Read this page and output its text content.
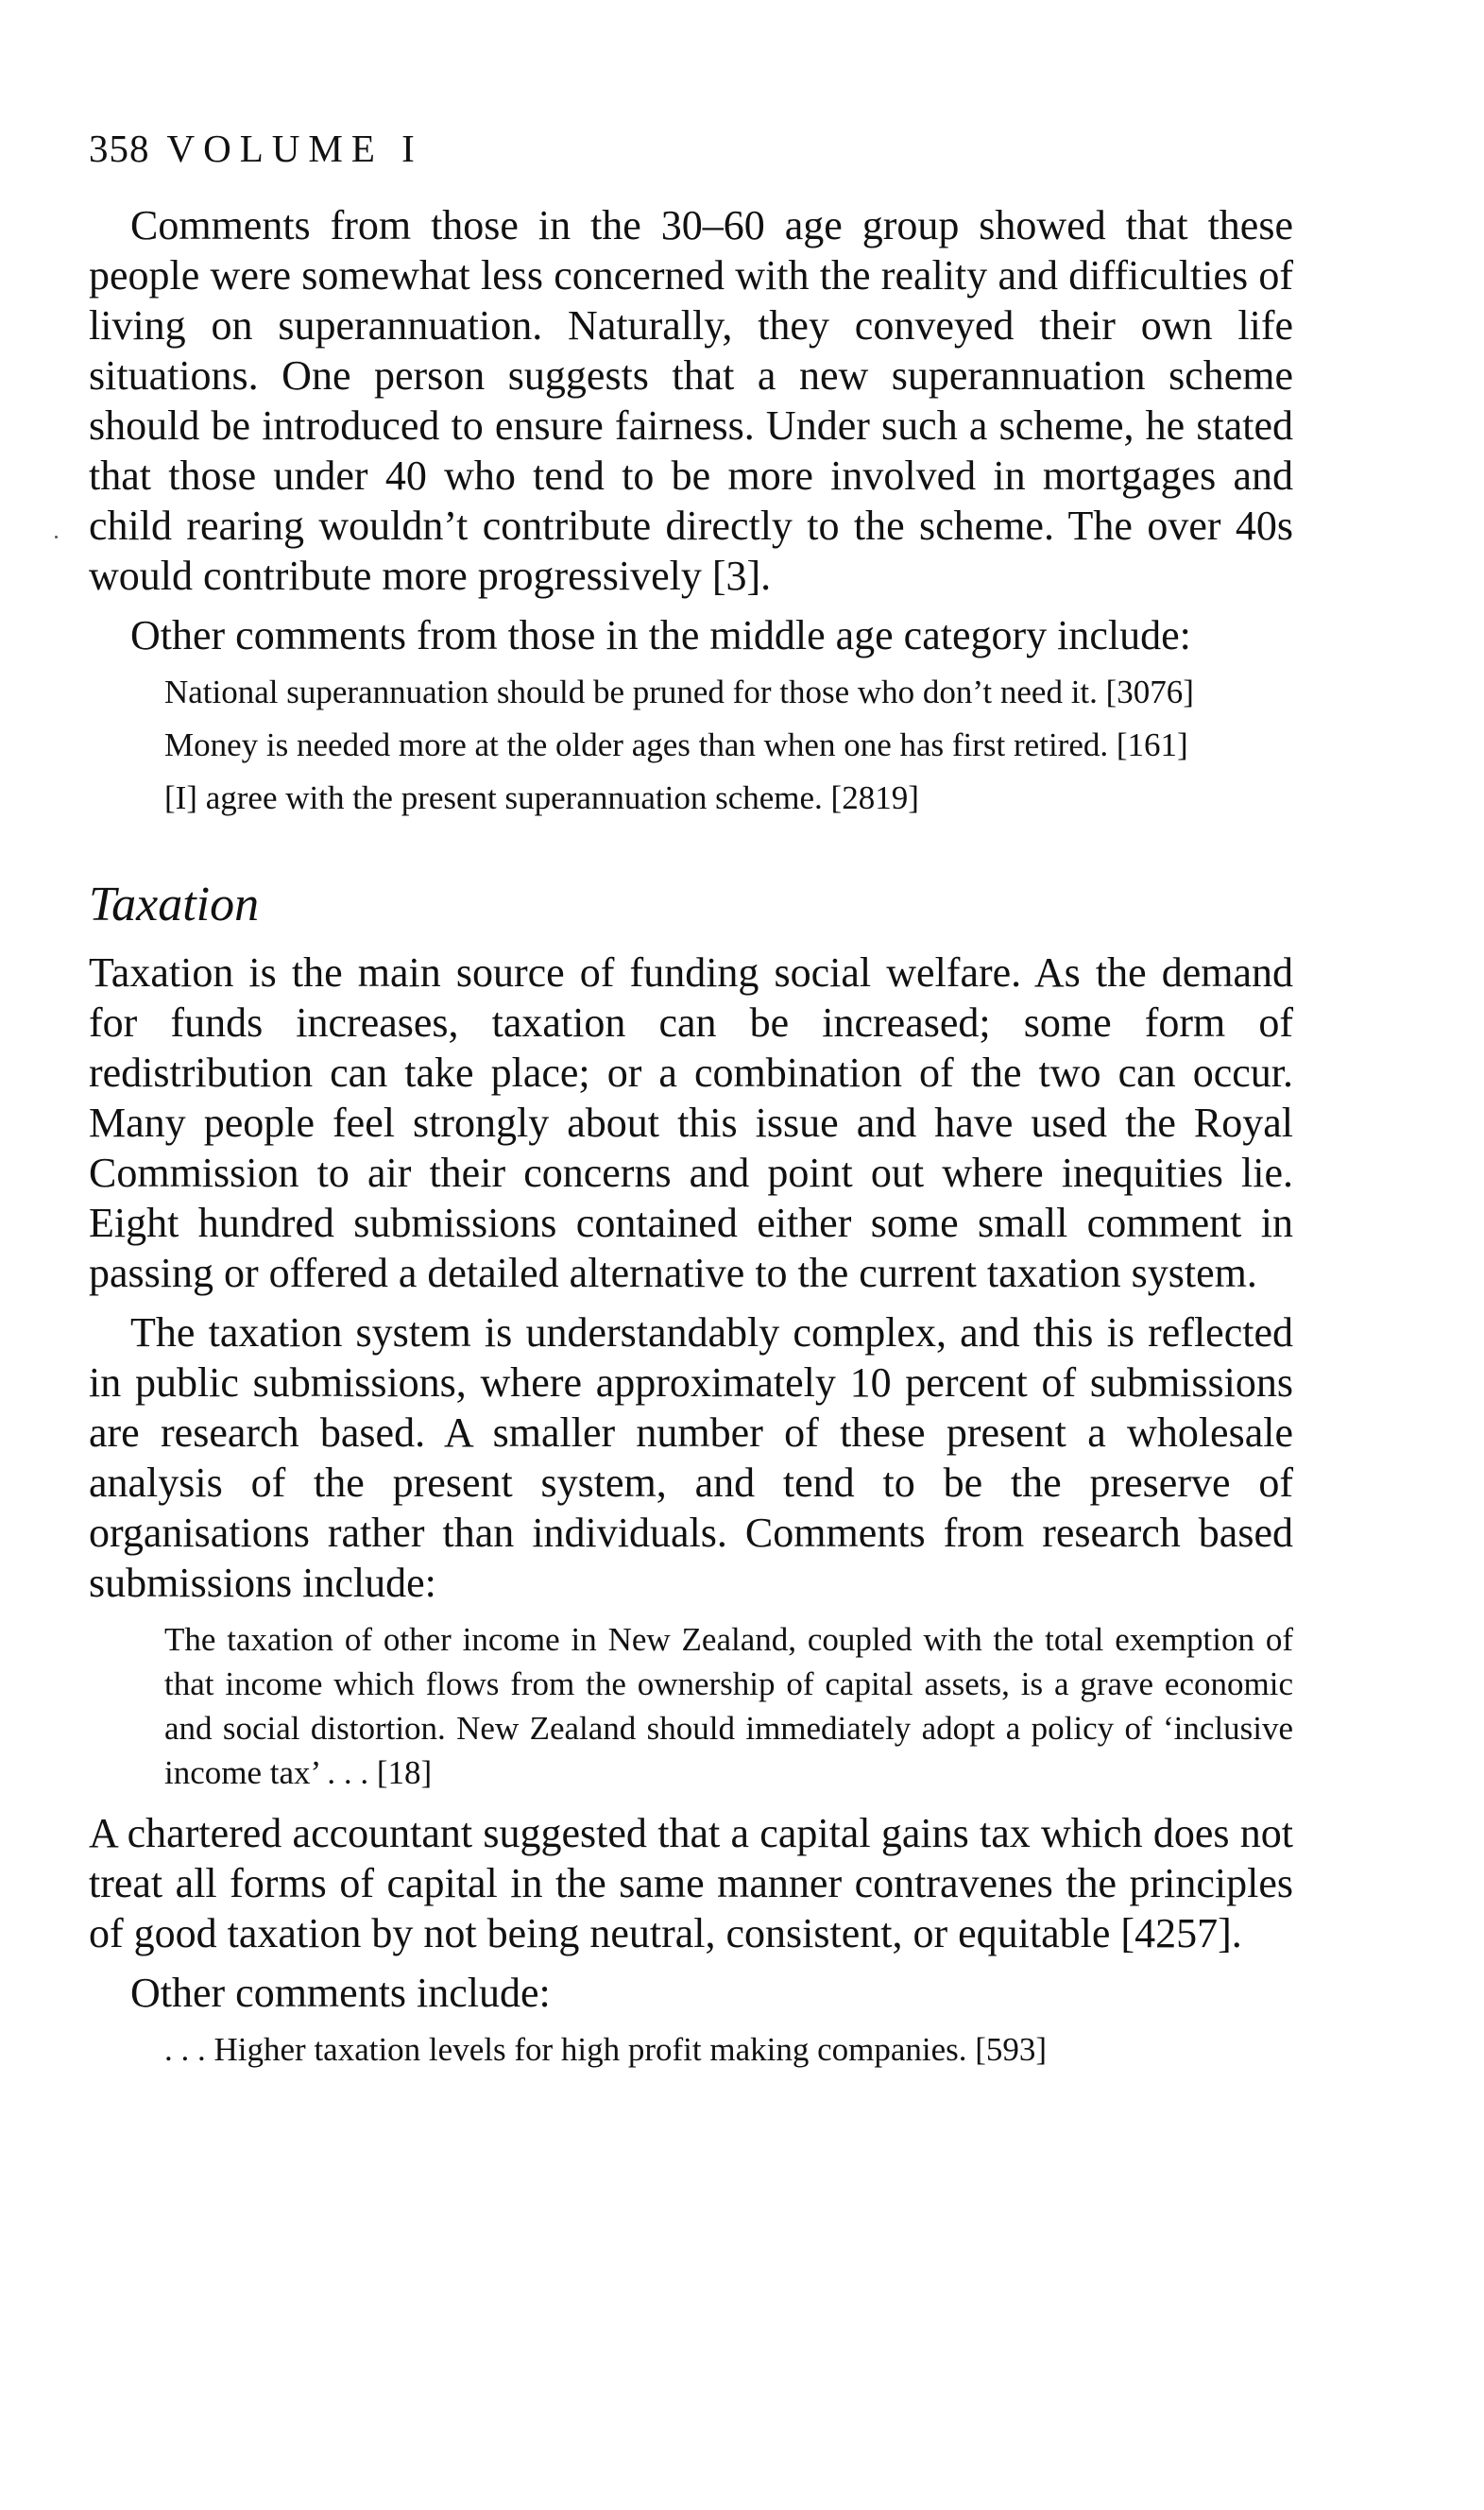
358 VOLUME I

Comments from those in the 30–60 age group showed that these people were somewhat less concerned with the reality and difficulties of living on superannuation. Naturally, they conveyed their own life situations. One person suggests that a new superannuation scheme should be introduced to ensure fairness. Under such a scheme, he stated that those under 40 who tend to be more involved in mortgages and child rearing wouldn’t contribute directly to the scheme. The over 40s would contribute more progressively [3].

Other comments from those in the middle age category include:

National superannuation should be pruned for those who don’t need it. [3076]
Money is needed more at the older ages than when one has first retired. [161]
[I] agree with the present superannuation scheme. [2819]
Taxation

Taxation is the main source of funding social welfare. As the demand for funds increases, taxation can be increased; some form of redistribution can take place; or a combination of the two can occur. Many people feel strongly about this issue and have used the Royal Commission to air their concerns and point out where inequities lie. Eight hundred submissions contained either some small comment in passing or offered a detailed alternative to the current taxation system.

The taxation system is understandably complex, and this is reflected in public submissions, where approximately 10 percent of submissions are research based. A smaller number of these present a wholesale analysis of the present system, and tend to be the preserve of organisations rather than individuals. Comments from research based submissions include:

The taxation of other income in New Zealand, coupled with the total exemption of that income which flows from the ownership of capital assets, is a grave economic and social distortion. New Zealand should immediately adopt a policy of ‘inclusive income tax’ . . . [18]

A chartered accountant suggested that a capital gains tax which does not treat all forms of capital in the same manner contravenes the principles of good taxation by not being neutral, consistent, or equitable [4257].

Other comments include:

. . . Higher taxation levels for high profit making companies. [593]
